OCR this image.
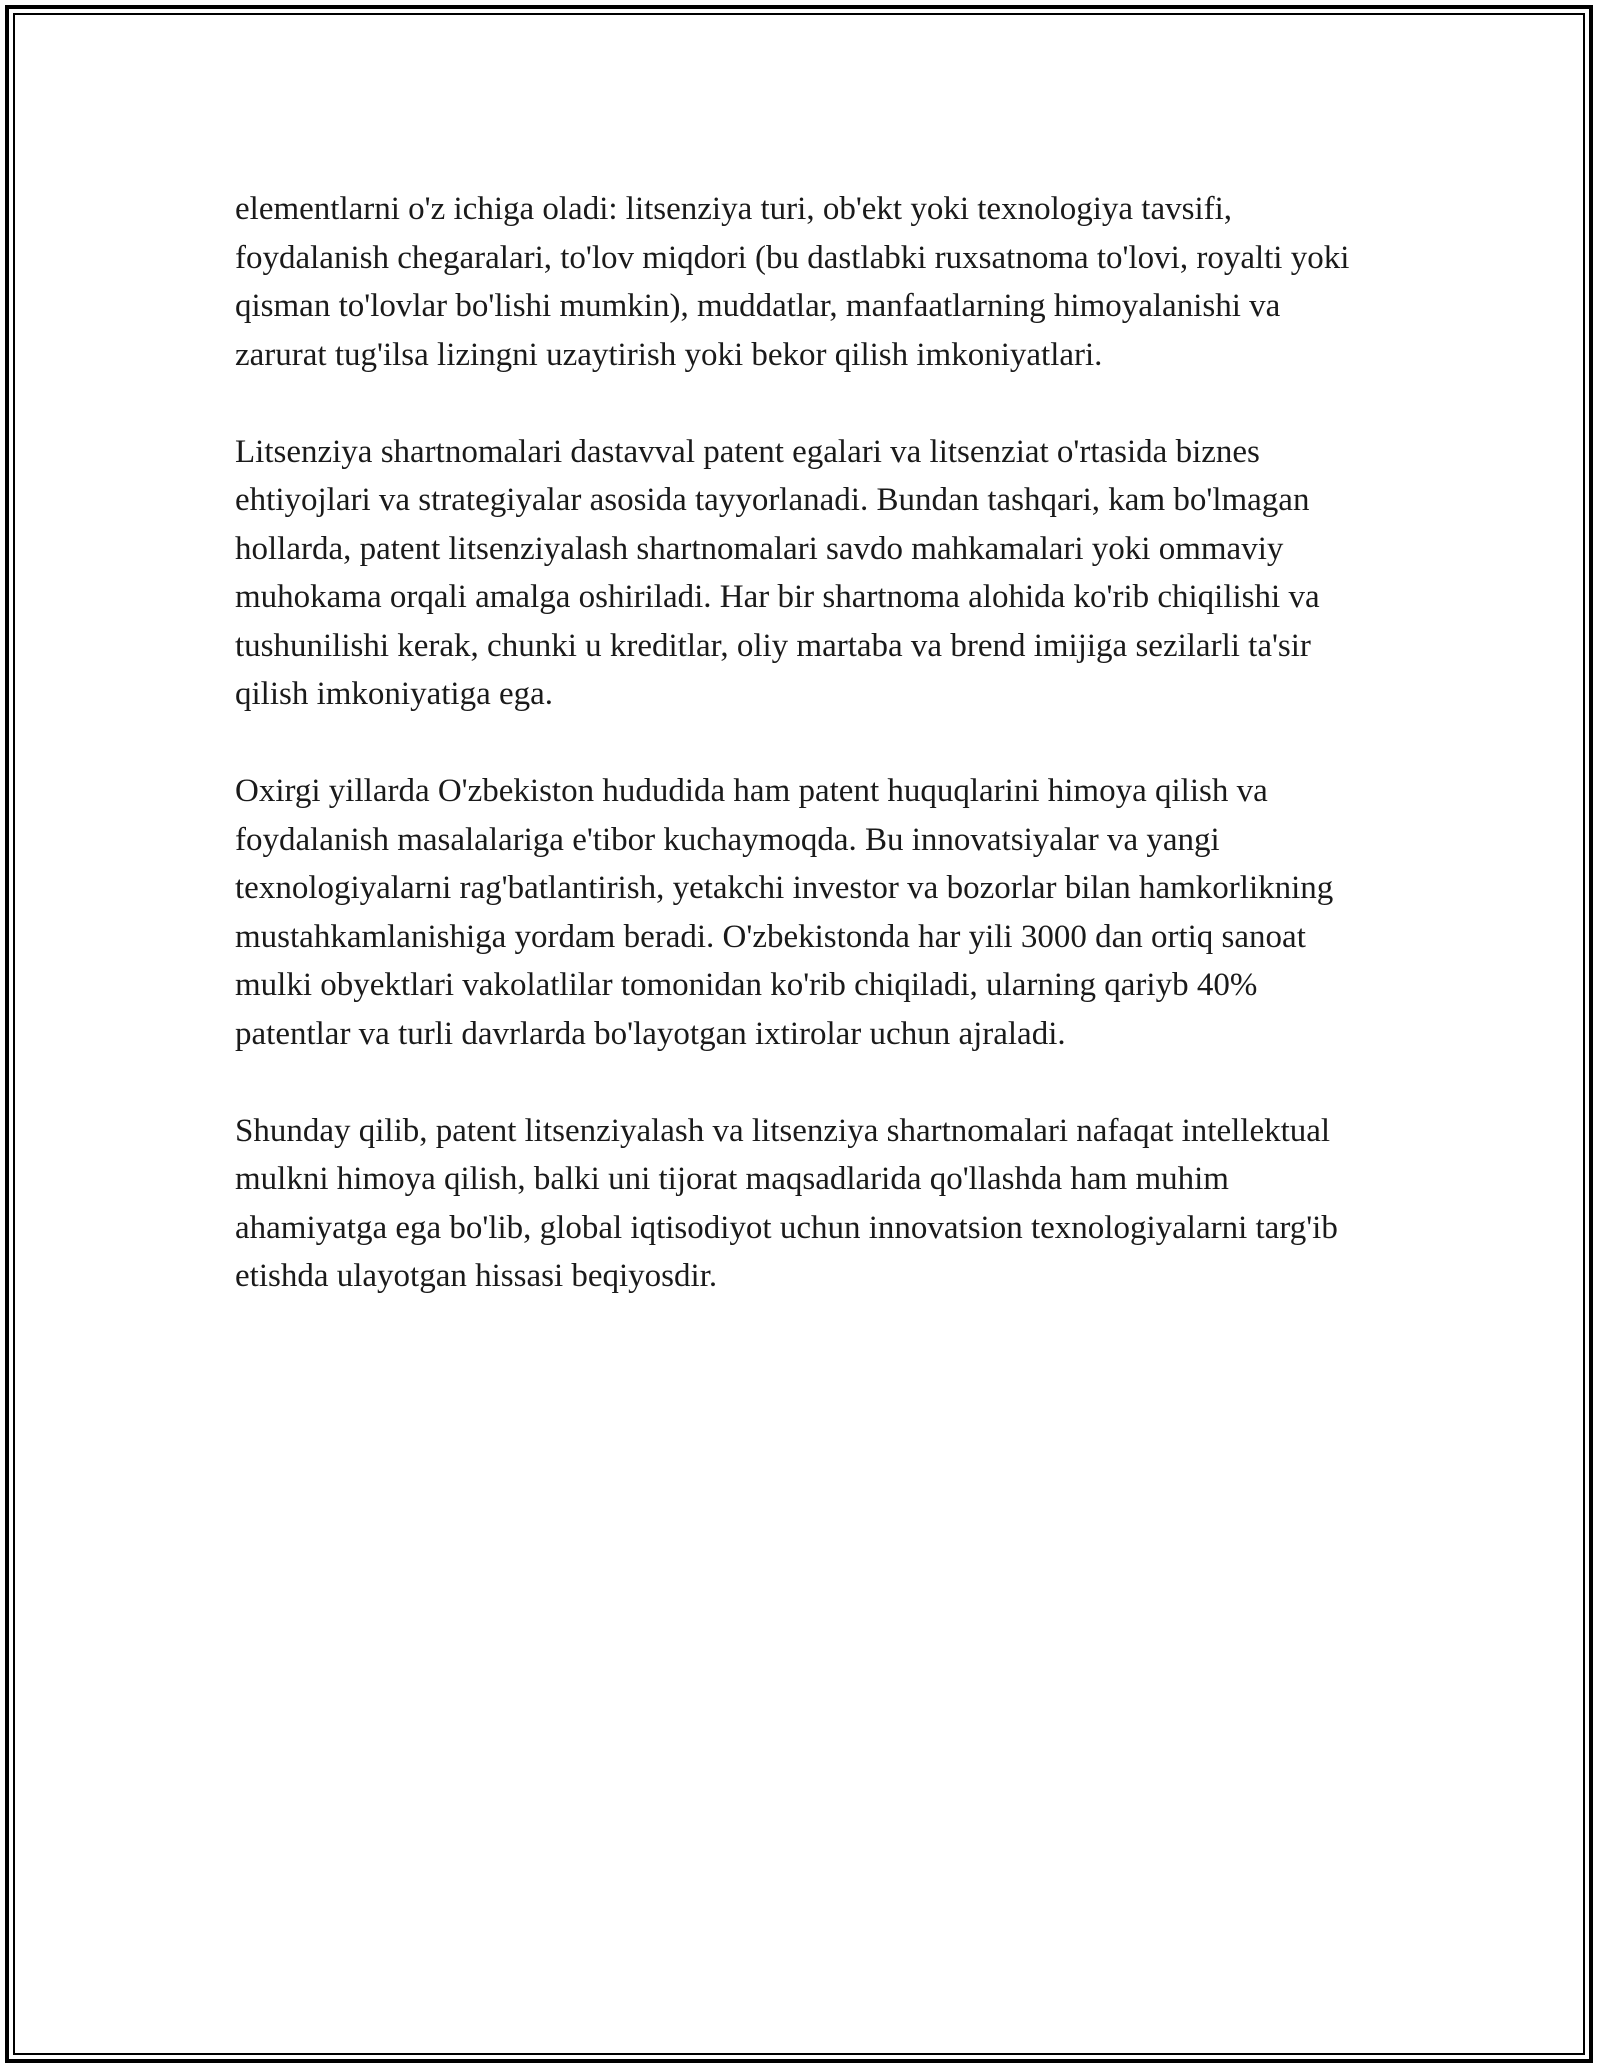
elementlarni o'z ichiga oladi: litsenziya turi, ob'ekt yoki texnologiya tavsifi, foydalanish chegaralari, to'lov miqdori (bu dastlabki ruxsatnoma to'lovi, royalti yoki qisman to'lovlar bo'lishi mumkin), muddatlar, manfaatlarning himoyalanishi va zarurat tug'ilsa lizingni uzaytirish yoki bekor qilish imkoniyatlari.

Litsenziya shartnomalari dastavval patent egalari va litsenziat o'rtasida biznes ehtiyojlari va strategiyalar asosida tayyorlanadi. Bundan tashqari, kam bo'lmagan hollarda, patent litsenziyalash shartnomalari savdo mahkamalari yoki ommaviy muhokama orqali amalga oshiriladi. Har bir shartnoma alohida ko'rib chiqilishi va tushunilishi kerak, chunki u kreditlar, oliy martaba va brend imijiga sezilarli ta'sir qilish imkoniyatiga ega.

Oxirgi yillarda O'zbekiston hududida ham patent huquqlarini himoya qilish va foydalanish masalalariga e'tibor kuchaymoqda. Bu innovatsiyalar va yangi texnologiyalarni rag'batlantirish, yetakchi investor va bozorlar bilan hamkorlikning mustahkamlanishiga yordam beradi. O'zbekistonda har yili 3000 dan ortiq sanoat mulki obyektlari vakolatlilar tomonidan ko'rib chiqiladi, ularning qariyb 40% patentlar va turli davrlarda bo'layotgan ixtirolar uchun ajraladi.

Shunday qilib, patent litsenziyalash va litsenziya shartnomalari nafaqat intellektual mulkni himoya qilish, balki uni tijorat maqsadlarida qo'llashda ham muhim ahamiyatga ega bo'lib, global iqtisodiyot uchun innovatsion texnologiyalarni targ'ib etishda ulayotgan hissasi beqiyosdir.
